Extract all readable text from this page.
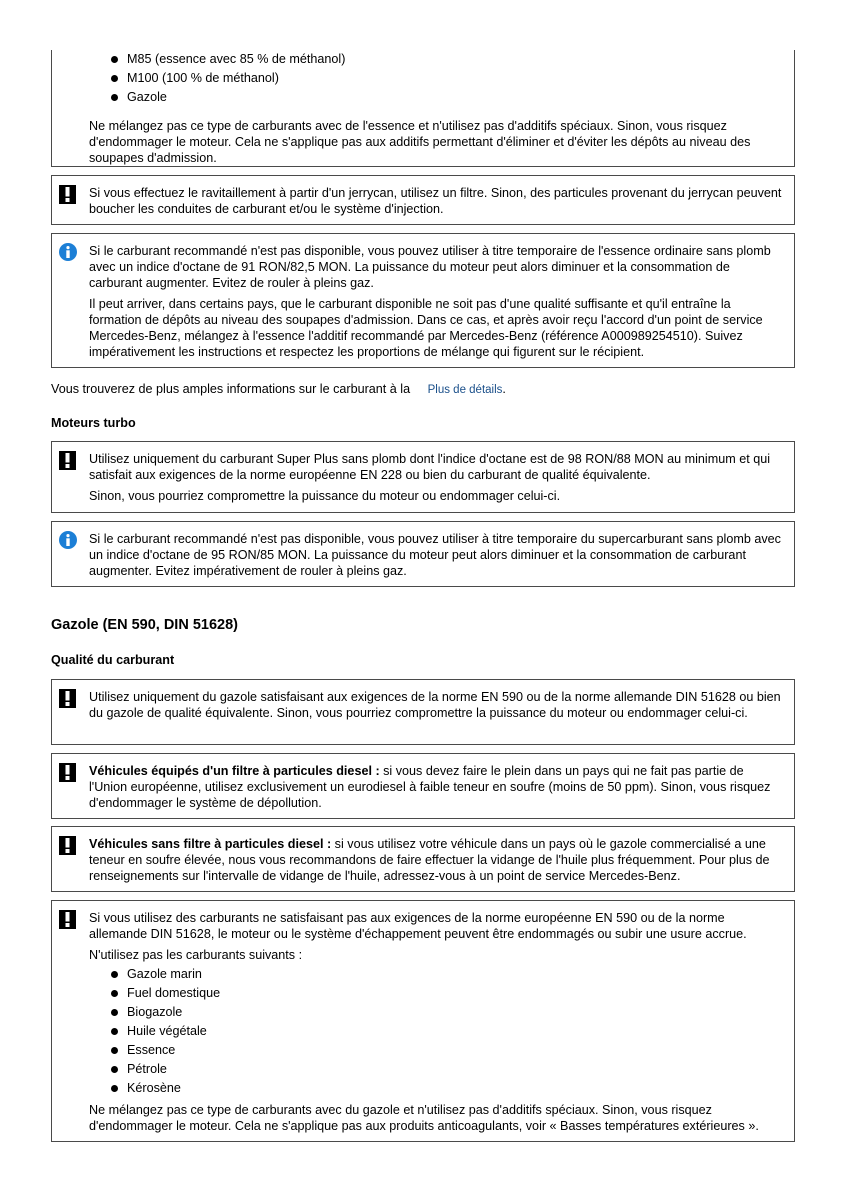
M85 (essence avec 85 % de méthanol)
M100 (100 % de méthanol)
Gazole

Ne mélangez pas ce type de carburants avec de l'essence et n'utilisez pas d'additifs spéciaux. Sinon, vous risquez d'endommager le moteur. Cela ne s'applique pas aux additifs permettant d'éliminer et d'éviter les dépôts au niveau des soupapes d'admission.

Si vous effectuez le ravitaillement à partir d'un jerrycan, utilisez un filtre. Sinon, des particules provenant du jerrycan peuvent boucher les conduites de carburant et/ou le système d'injection.

Si le carburant recommandé n'est pas disponible, vous pouvez utiliser à titre temporaire de l'essence ordinaire sans plomb avec un indice d'octane de 91 RON/82,5 MON. La puissance du moteur peut alors diminuer et la consommation de carburant augmenter. Evitez de rouler à pleins gaz.

Il peut arriver, dans certains pays, que le carburant disponible ne soit pas d'une qualité suffisante et qu'il entraîne la formation de dépôts au niveau des soupapes d'admission. Dans ce cas, et après avoir reçu l'accord d'un point de service Mercedes-Benz, mélangez à l'essence l'additif recommandé par Mercedes-Benz (référence A000989254510). Suivez impérativement les instructions et respectez les proportions de mélange qui figurent sur le récipient.

Vous trouverez de plus amples informations sur le carburant à la Plus de détails.
Moteurs turbo

Utilisez uniquement du carburant Super Plus sans plomb dont l'indice d'octane est de 98 RON/88 MON au minimum et qui satisfait aux exigences de la norme européenne EN 228 ou bien du carburant de qualité équivalente.

Sinon, vous pourriez compromettre la puissance du moteur ou endommager celui-ci.

Si le carburant recommandé n'est pas disponible, vous pouvez utiliser à titre temporaire du supercarburant sans plomb avec un indice d'octane de 95 RON/85 MON. La puissance du moteur peut alors diminuer et la consommation de carburant augmenter. Evitez impérativement de rouler à pleins gaz.

Gazole (EN 590, DIN 51628)
Qualité du carburant

Utilisez uniquement du gazole satisfaisant aux exigences de la norme EN 590 ou de la norme allemande DIN 51628 ou bien du gazole de qualité équivalente. Sinon, vous pourriez compromettre la puissance du moteur ou endommager celui-ci.

Véhicules équipés d'un filtre à particules diesel : si vous devez faire le plein dans un pays qui ne fait pas partie de l'Union européenne, utilisez exclusivement un eurodiesel à faible teneur en soufre (moins de 50 ppm). Sinon, vous risquez d'endommager le système de dépollution.

Véhicules sans filtre à particules diesel : si vous utilisez votre véhicule dans un pays où le gazole commercialisé a une teneur en soufre élevée, nous vous recommandons de faire effectuer la vidange de l'huile plus fréquemment. Pour plus de renseignements sur l'intervalle de vidange de l'huile, adressez-vous à un point de service Mercedes-Benz.

Si vous utilisez des carburants ne satisfaisant pas aux exigences de la norme européenne EN 590 ou de la norme allemande DIN 51628, le moteur ou le système d'échappement peuvent être endommagés ou subir une usure accrue.

N'utilisez pas les carburants suivants :

Gazole marin
Fuel domestique
Biogazole
Huile végétale
Essence
Pétrole
Kérosène

Ne mélangez pas ce type de carburants avec du gazole et n'utilisez pas d'additifs spéciaux. Sinon, vous risquez d'endommager le moteur. Cela ne s'applique pas aux produits anticoagulants, voir « Basses températures extérieures ».
